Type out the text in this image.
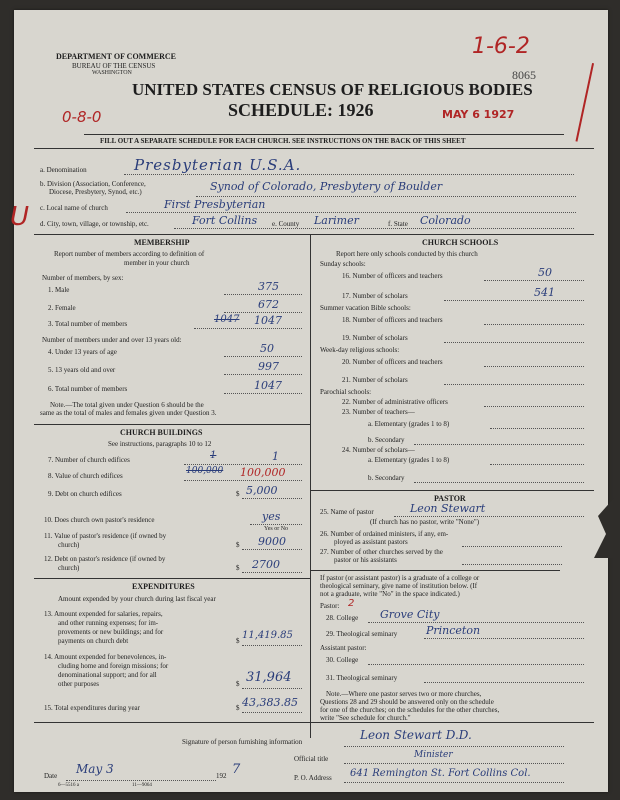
DEPARTMENT OF COMMERCE
BUREAU OF THE CENSUS
WASHINGTON
UNITED STATES CENSUS OF RELIGIOUS BODIES
SCHEDULE: 1926
8065
MAY 6 1927
0-8-0
1-6-2
U
FILL OUT A SEPARATE SCHEDULE FOR EACH CHURCH. SEE INSTRUCTIONS ON THE BACK OF THIS SHEET
a. Denomination	Presbyterian U.S.A.
b. Division (Association, Conference,
Diocese, Presbytery, Synod, etc.)	Synod of Colorado, Presbytery of Boulder
c. Local name of church	First Presbyterian
d. City, town, village, or township, etc.	Fort Collins e. County Larimer	f. State Colorado
MEMBERSHIP
Report number of members according to definition of
member in your church
Number of members, by sex:
1. Male	375
2. Female	672
3. Total number of members	1047 1047
Number of members under and over 13 years old:
4. Under 13 years of age	50
5. 13 years old and over	997
6. Total number of members	1047
Note.—The total given under Question 6 should be the
same as the total of males and females given under Question 3.
CHURCH BUILDINGS
See instructions, paragraphs 10 to 12
7. Number of church edifices	1	1
8. Value of church edifices	100,000 100,000
9. Debt on church edifices	$ 5,000
10. Does church own pastor's residence	yes
Yes or No
11. Value of pastor's residence (if owned by
church)	$ 9000
12. Debt on pastor's residence (if owned by
church)	$ 2700
EXPENDITURES
Amount expended by your church during last fiscal year
13. Amount expended for salaries, repairs,
and other running expenses; for im-
provements or new buildings; and for
payments on church debt	$ 11,419.85
14. Amount expended for benevolences, in-
cluding home and foreign missions; for
denominational support; and for all
other purposes	$ 31,964
15. Total expenditures during year	$ 43,383.85
CHURCH SCHOOLS
Report here only schools conducted by this church
Sunday schools:
16. Number of officers and teachers	50
17. Number of scholars	541
Summer vacation Bible schools:
18. Number of officers and teachers
19. Number of scholars
Week-day religious schools:
20. Number of officers and teachers
21. Number of scholars
Parochial schools:
22. Number of administrative officers
23. Number of teachers—
a. Elementary (grades 1 to 8)
b. Secondary
24. Number of scholars—
a. Elementary (grades 1 to 8)
b. Secondary
PASTOR
25. Name of pastor	Leon Stewart
(If church has no pastor, write "None")
26. Number of ordained ministers, if any, em-
ployed as assistant pastors
27. Number of other churches served by the
pastor or his assistants
If pastor (or assistant pastor) is a graduate of a college or
theological seminary, give name of institution below. (If
not a graduate, write "No" in the space indicated.)
Pastor: 2
28. College Grove City
29. Theological seminary	Princeton
Assistant pastor:
30. College
31. Theological seminary
Note.—Where one pastor serves two or more churches,
Questions 28 and 29 should be answered only on the schedule
for one of the churches; on the schedules for the other churches,
write "See schedule for church."
Signature of person furnishing information	Leon Stewart D.D.
Official title	Minister
Date May 3	192 7
6—5516 a	11—9064
P. O. Address 641 Remington St. Fort Collins Col.
